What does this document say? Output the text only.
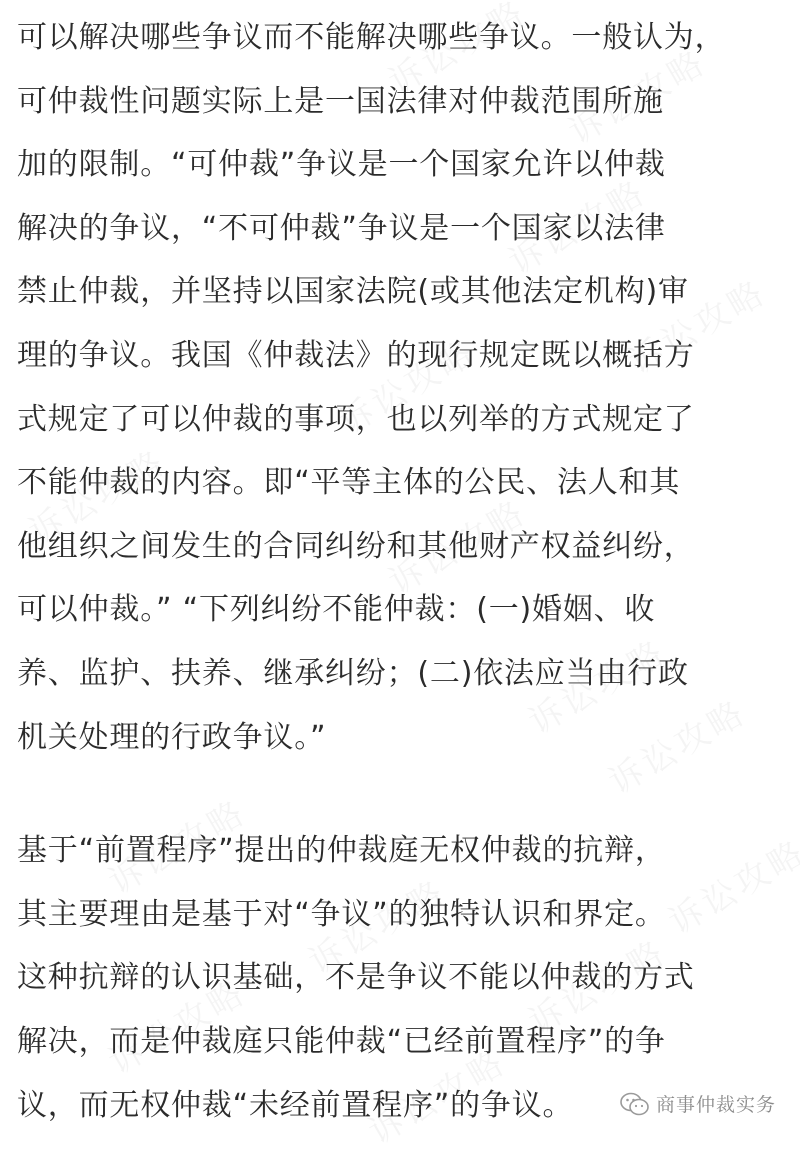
可以解决哪些争议而不能解决哪些争议。一般认为，
可仲裁性问题实际上是一国法律对仲裁范围所施
加的限制。“可仲裁”争议是一个国家允许以仲裁
解决的争议，“不可仲裁”争议是一个国家以法律
禁止仲裁，并坚持以国家法院(或其他法定机构)审
理的争议。我国《仲裁法》的现行规定既以概括方
式规定了可以仲裁的事项，也以列举的方式规定了
不能仲裁的内容。即“平等主体的公民、法人和其
他组织之间发生的合同纠纷和其他财产权益纠纷，
可以仲裁。” “下列纠纷不能仲裁：(一)婚姻、收
养、监护、扶养、继承纠纷；(二)依法应当由行政
机关处理的行政争议。”
基于“前置程序”提出的仲裁庭无权仲裁的抗辩，
其主要理由是基于对“争议”的独特认识和界定。
这种抗辩的认识基础，不是争议不能以仲裁的方式
解决，而是仲裁庭只能仲裁“已经前置程序”的争
议，而无权仲裁“未经前置程序”的争议。	商事仲裁实务
